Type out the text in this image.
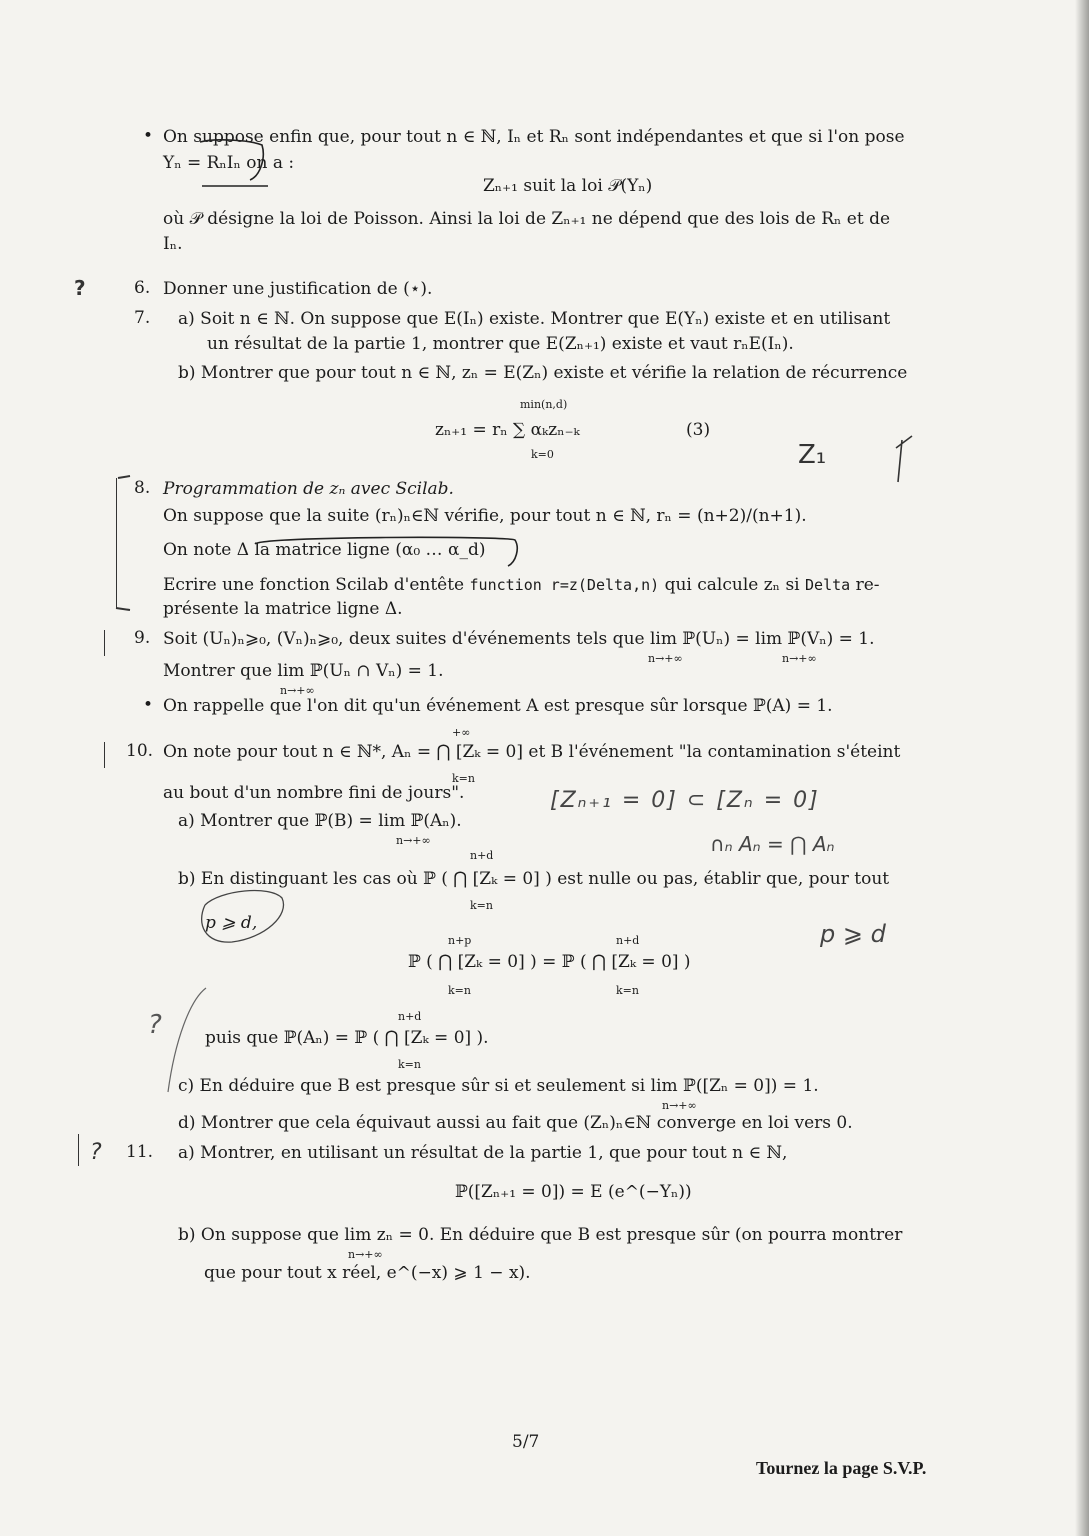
• On suppose enfin que, pour tout n ∈ ℕ, Iₙ et Rₙ sont indépendantes et que si l'on pose
Yₙ = RₙIₙ on a :
Zₙ₊₁ suit la loi 𝒫(Yₙ)
où 𝒫 désigne la loi de Poisson. Ainsi la loi de Zₙ₊₁ ne dépend que des lois de Rₙ et de
Iₙ.
6. Donner une justification de (⋆).
7. a) Soit n ∈ ℕ. On suppose que E(Iₙ) existe. Montrer que E(Yₙ) existe et en utilisant
un résultat de la partie 1, montrer que E(Zₙ₊₁) existe et vaut rₙE(Iₙ).
b) Montrer que pour tout n ∈ ℕ, zₙ = E(Zₙ) existe et vérifie la relation de récurrence
min(n,d)
zₙ₊₁ = rₙ ∑ αₖzₙ₋ₖ
k=0
(3)
8. Programmation de zₙ avec Scilab.
On suppose que la suite (rₙ)ₙ∈ℕ vérifie, pour tout n ∈ ℕ, rₙ = (n+2)/(n+1).
On note Δ la matrice ligne (α₀ … α_d)
Ecrire une fonction Scilab d'entête function r=z(Delta,n) qui calcule zₙ si Delta re-
présente la matrice ligne Δ.
9. Soit (Uₙ)ₙ⩾₀, (Vₙ)ₙ⩾₀, deux suites d'événements tels que lim ℙ(Uₙ) = lim ℙ(Vₙ) = 1.
n→+∞	n→+∞
Montrer que lim ℙ(Uₙ ∩ Vₙ) = 1.
n→+∞
• On rappelle que l'on dit qu'un événement A est presque sûr lorsque ℙ(A) = 1.
+∞
10. On note pour tout n ∈ ℕ*, Aₙ = ⋂ [Zₖ = 0] et B l'événement "la contamination s'éteint
k=n
au bout d'un nombre fini de jours".
a) Montrer que ℙ(B) = lim ℙ(Aₙ).
n→+∞
n+d
b) En distinguant les cas où ℙ ( ⋂ [Zₖ = 0] ) est nulle ou pas, établir que, pour tout
k=n
p ⩾ d,
n+p	n+d
ℙ ( ⋂ [Zₖ = 0] ) = ℙ ( ⋂ [Zₖ = 0] )
k=n	k=n
n+d
puis que ℙ(Aₙ) = ℙ ( ⋂ [Zₖ = 0] ).
k=n
c) En déduire que B est presque sûr si et seulement si lim ℙ([Zₙ = 0]) = 1.
n→+∞
d) Montrer que cela équivaut aussi au fait que (Zₙ)ₙ∈ℕ converge en loi vers 0.
11. a) Montrer, en utilisant un résultat de la partie 1, que pour tout n ∈ ℕ,
ℙ([Zₙ₊₁ = 0]) = E (e^(−Yₙ))
b) On suppose que lim zₙ = 0. En déduire que B est presque sûr (on pourra montrer
n→+∞
que pour tout x réel, e^(−x) ⩾ 1 − x).
?
?
?
Z₁
[Zₙ₊₁ = 0] ⊂ [Zₙ = 0]
∩ₙ Aₙ = ⋂ Aₙ
p ⩾ d
5/7
Tournez la page S.V.P.
